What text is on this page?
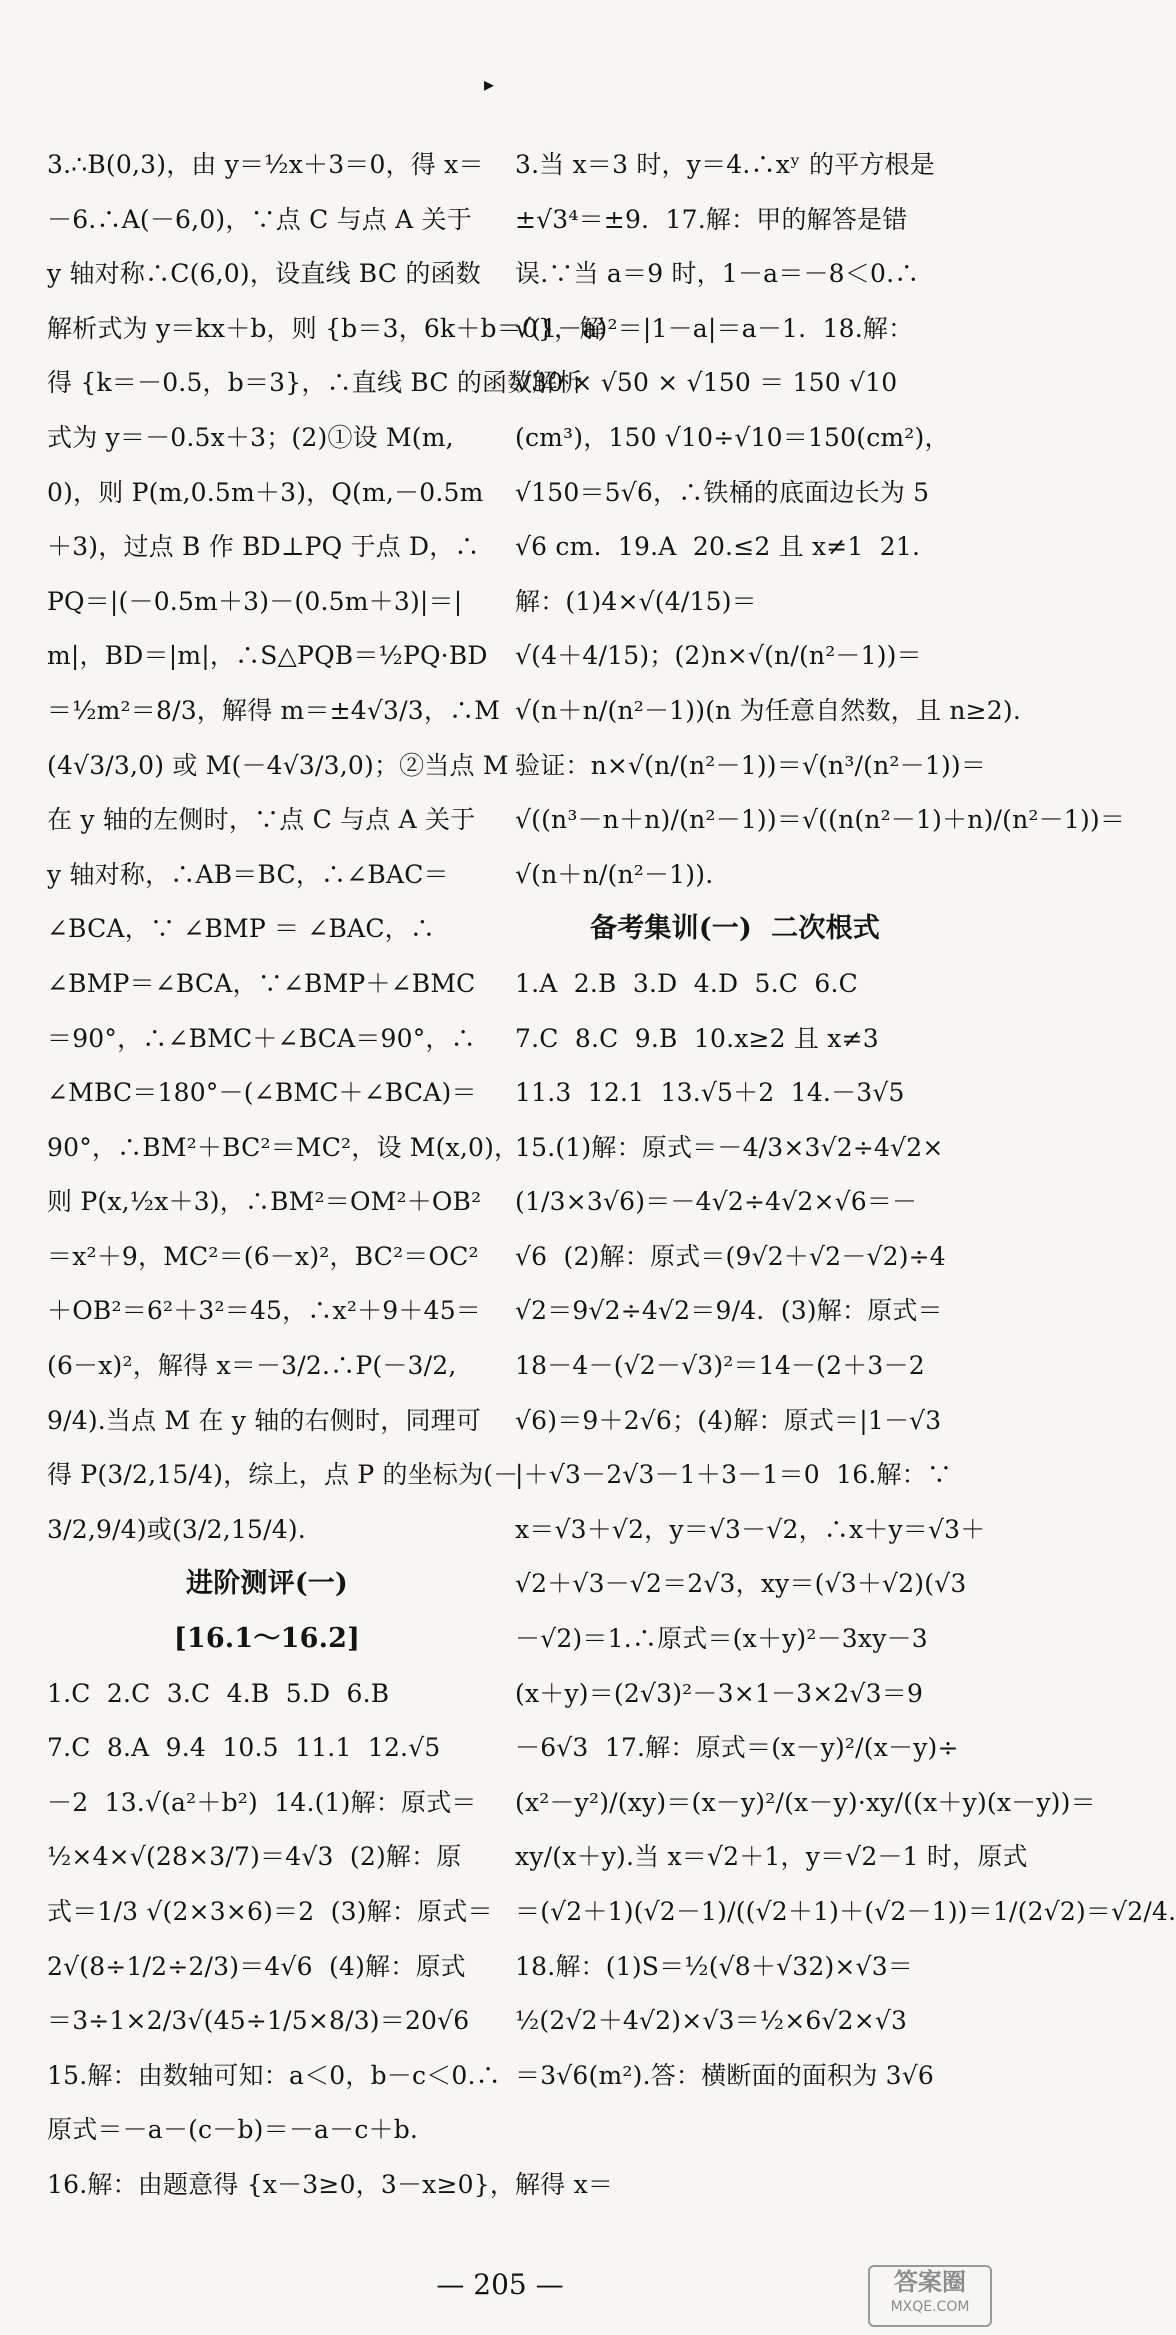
▸
3.∴B(0,3)，由 y＝½x＋3＝0，得 x＝
－6.∴A(－6,0)，∵点 C 与点 A 关于
y 轴对称∴C(6,0)，设直线 BC 的函数
解析式为 y＝kx＋b，则 {b＝3，6k＋b＝0}，解
得 {k＝－0.5，b＝3}，∴直线 BC 的函数解析
式为 y＝－0.5x＋3；(2)①设 M(m,
0)，则 P(m,0.5m＋3)，Q(m,－0.5m
＋3)，过点 B 作 BD⊥PQ 于点 D，∴
PQ＝|(－0.5m＋3)－(0.5m＋3)|＝|
m|，BD＝|m|，∴S△PQB＝½PQ·BD
＝½m²＝8/3，解得 m＝±4√3/3，∴M
(4√3/3,0) 或 M(－4√3/3,0)；②当点 M
在 y 轴的左侧时，∵点 C 与点 A 关于
y 轴对称，∴AB＝BC，∴∠BAC＝
∠BCA，∵ ∠BMP ＝ ∠BAC，∴
∠BMP＝∠BCA，∵∠BMP＋∠BMC
＝90°，∴∠BMC＋∠BCA＝90°，∴
∠MBC＝180°－(∠BMC＋∠BCA)＝
90°，∴BM²＋BC²＝MC²，设 M(x,0)，
则 P(x,½x＋3)，∴BM²＝OM²＋OB²
＝x²＋9，MC²＝(6－x)²，BC²＝OC²
＋OB²＝6²＋3²＝45，∴x²＋9＋45＝
(6－x)²，解得 x＝－3/2.∴P(－3/2,
9/4).当点 M 在 y 轴的右侧时，同理可
得 P(3/2,15/4)，综上，点 P 的坐标为(－
3/2,9/4)或(3/2,15/4).
进阶测评(一)
[16.1～16.2]
1.C  2.C  3.C  4.B  5.D  6.B
7.C  8.A  9.4  10.5  11.1  12.√5
－2  13.√(a²＋b²)  14.(1)解：原式＝
½×4×√(28×3/7)＝4√3  (2)解：原
式＝1/3 √(2×3×6)＝2  (3)解：原式＝
2√(8÷1/2÷2/3)＝4√6  (4)解：原式
＝3÷1×2/3√(45÷1/5×8/3)＝20√6
15.解：由数轴可知：a＜0，b－c＜0.∴
原式＝－a－(c－b)＝－a－c＋b.
16.解：由题意得 {x－3≥0，3－x≥0}，解得 x＝
3.当 x＝3 时，y＝4.∴xʸ 的平方根是
±√3⁴＝±9.  17.解：甲的解答是错
误.∵当 a＝9 时，1－a＝－8＜0.∴
√(1－a)²＝|1－a|＝a－1.  18.解：
√30 × √50 × √150 ＝ 150 √10
(cm³)，150 √10÷√10＝150(cm²)，
√150＝5√6，∴铁桶的底面边长为 5
√6 cm.  19.A  20.≤2 且 x≠1  21.
解：(1)4×√(4/15)＝
√(4＋4/15)；(2)n×√(n/(n²－1))＝
√(n＋n/(n²－1))(n 为任意自然数，且 n≥2).
验证：n×√(n/(n²－1))＝√(n³/(n²－1))＝
√((n³－n＋n)/(n²－1))＝√((n(n²－1)＋n)/(n²－1))＝
√(n＋n/(n²－1)).
备考集训(一)  二次根式
1.A  2.B  3.D  4.D  5.C  6.C
7.C  8.C  9.B  10.x≥2 且 x≠3
11.3  12.1  13.√5＋2  14.－3√5
15.(1)解：原式＝－4/3×3√2÷4√2×
(1/3×3√6)＝－4√2÷4√2×√6＝－
√6  (2)解：原式＝(9√2＋√2－√2)÷4
√2＝9√2÷4√2＝9/4.  (3)解：原式＝
18－4－(√2－√3)²＝14－(2＋3－2
√6)＝9＋2√6；(4)解：原式＝|1－√3
|＋√3－2√3－1＋3－1＝0  16.解：∵
x＝√3＋√2，y＝√3－√2，∴x＋y＝√3＋
√2＋√3－√2＝2√3，xy＝(√3＋√2)(√3
－√2)＝1.∴原式＝(x＋y)²－3xy－3
(x＋y)＝(2√3)²－3×1－3×2√3＝9
－6√3  17.解：原式＝(x－y)²/(x－y)÷
(x²－y²)/(xy)＝(x－y)²/(x－y)·xy/((x＋y)(x－y))＝
xy/(x＋y).当 x＝√2＋1，y＝√2－1 时，原式
＝(√2＋1)(√2－1)/((√2＋1)＋(√2－1))＝1/(2√2)＝√2/4.
18.解：(1)S＝½(√8＋√32)×√3＝
½(2√2＋4√2)×√3＝½×6√2×√3
＝3√6(m²).答：横断面的面积为 3√6
— 205 —	答案圈
MXQE.COM
